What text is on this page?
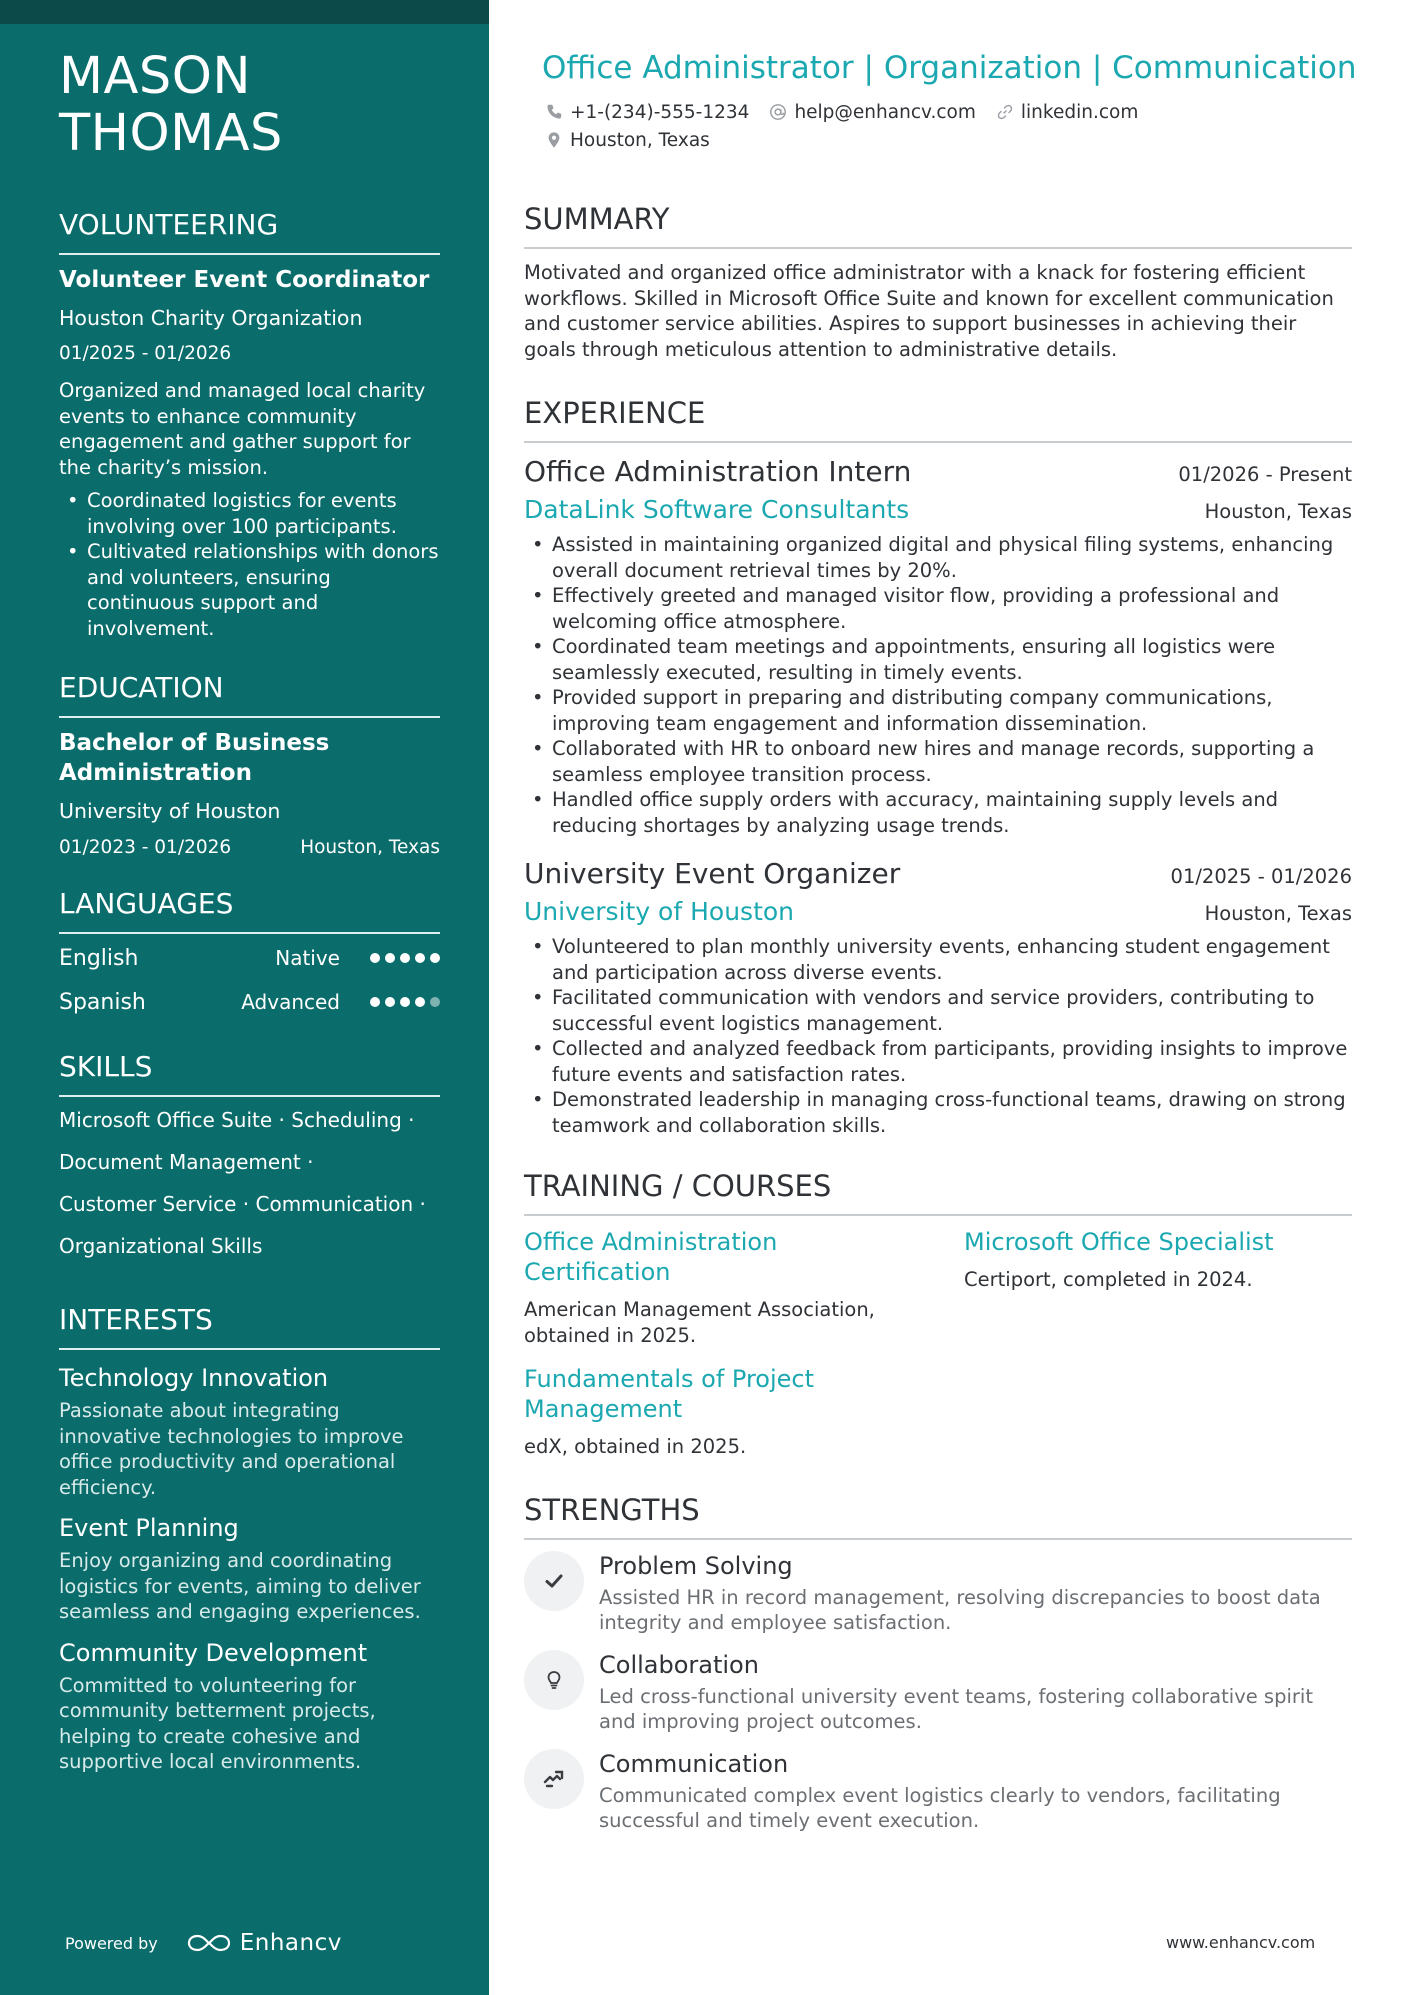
MASON
THOMAS
VOLUNTEERING
Volunteer Event Coordinator
Houston Charity Organization
01/2025 - 01/2026
Organized and managed local charity events to enhance community engagement and gather support for the charity’s mission.
• Coordinated logistics for events involving over 100 participants.
• Cultivated relationships with donors and volunteers, ensuring continuous support and involvement.
EDUCATION
Bachelor of Business Administration
University of Houston
01/2023 - 01/2026	Houston, Texas
LANGUAGES
English	Native
Spanish	Advanced
SKILLS
Microsoft Office Suite · Scheduling ·
Document Management ·
Customer Service · Communication ·
Organizational Skills
INTERESTS
Technology Innovation
Passionate about integrating innovative technologies to improve office productivity and operational efficiency.
Event Planning
Enjoy organizing and coordinating logistics for events, aiming to deliver seamless and engaging experiences.
Community Development
Committed to volunteering for community betterment projects, helping to create cohesive and supportive local environments.
Powered by	Enhancv
Office Administrator | Organization | Communication
+1-(234)-555-1234 help@enhancv.com linkedin.com
Houston, Texas
SUMMARY
Motivated and organized office administrator with a knack for fostering efficient workflows. Skilled in Microsoft Office Suite and known for excellent communication and customer service abilities. Aspires to support businesses in achieving their goals through meticulous attention to administrative details.
EXPERIENCE
Office Administration Intern	01/2026 - Present
DataLink Software Consultants	Houston, Texas
• Assisted in maintaining organized digital and physical filing systems, enhancing overall document retrieval times by 20%.
• Effectively greeted and managed visitor flow, providing a professional and welcoming office atmosphere.
• Coordinated team meetings and appointments, ensuring all logistics were seamlessly executed, resulting in timely events.
• Provided support in preparing and distributing company communications, improving team engagement and information dissemination.
• Collaborated with HR to onboard new hires and manage records, supporting a seamless employee transition process.
• Handled office supply orders with accuracy, maintaining supply levels and reducing shortages by analyzing usage trends.
University Event Organizer	01/2025 - 01/2026
University of Houston	Houston, Texas
• Volunteered to plan monthly university events, enhancing student engagement and participation across diverse events.
• Facilitated communication with vendors and service providers, contributing to successful event logistics management.
• Collected and analyzed feedback from participants, providing insights to improve future events and satisfaction rates.
• Demonstrated leadership in managing cross-functional teams, drawing on strong teamwork and collaboration skills.
TRAINING / COURSES
Office Administration Certification
American Management Association, obtained in 2025.
Fundamentals of Project Management
edX, obtained in 2025.
Microsoft Office Specialist
Certiport, completed in 2024.
STRENGTHS
Problem Solving
Assisted HR in record management, resolving discrepancies to boost data integrity and employee satisfaction.
Collaboration
Led cross-functional university event teams, fostering collaborative spirit and improving project outcomes.
Communication
Communicated complex event logistics clearly to vendors, facilitating successful and timely event execution.
www.enhancv.com
